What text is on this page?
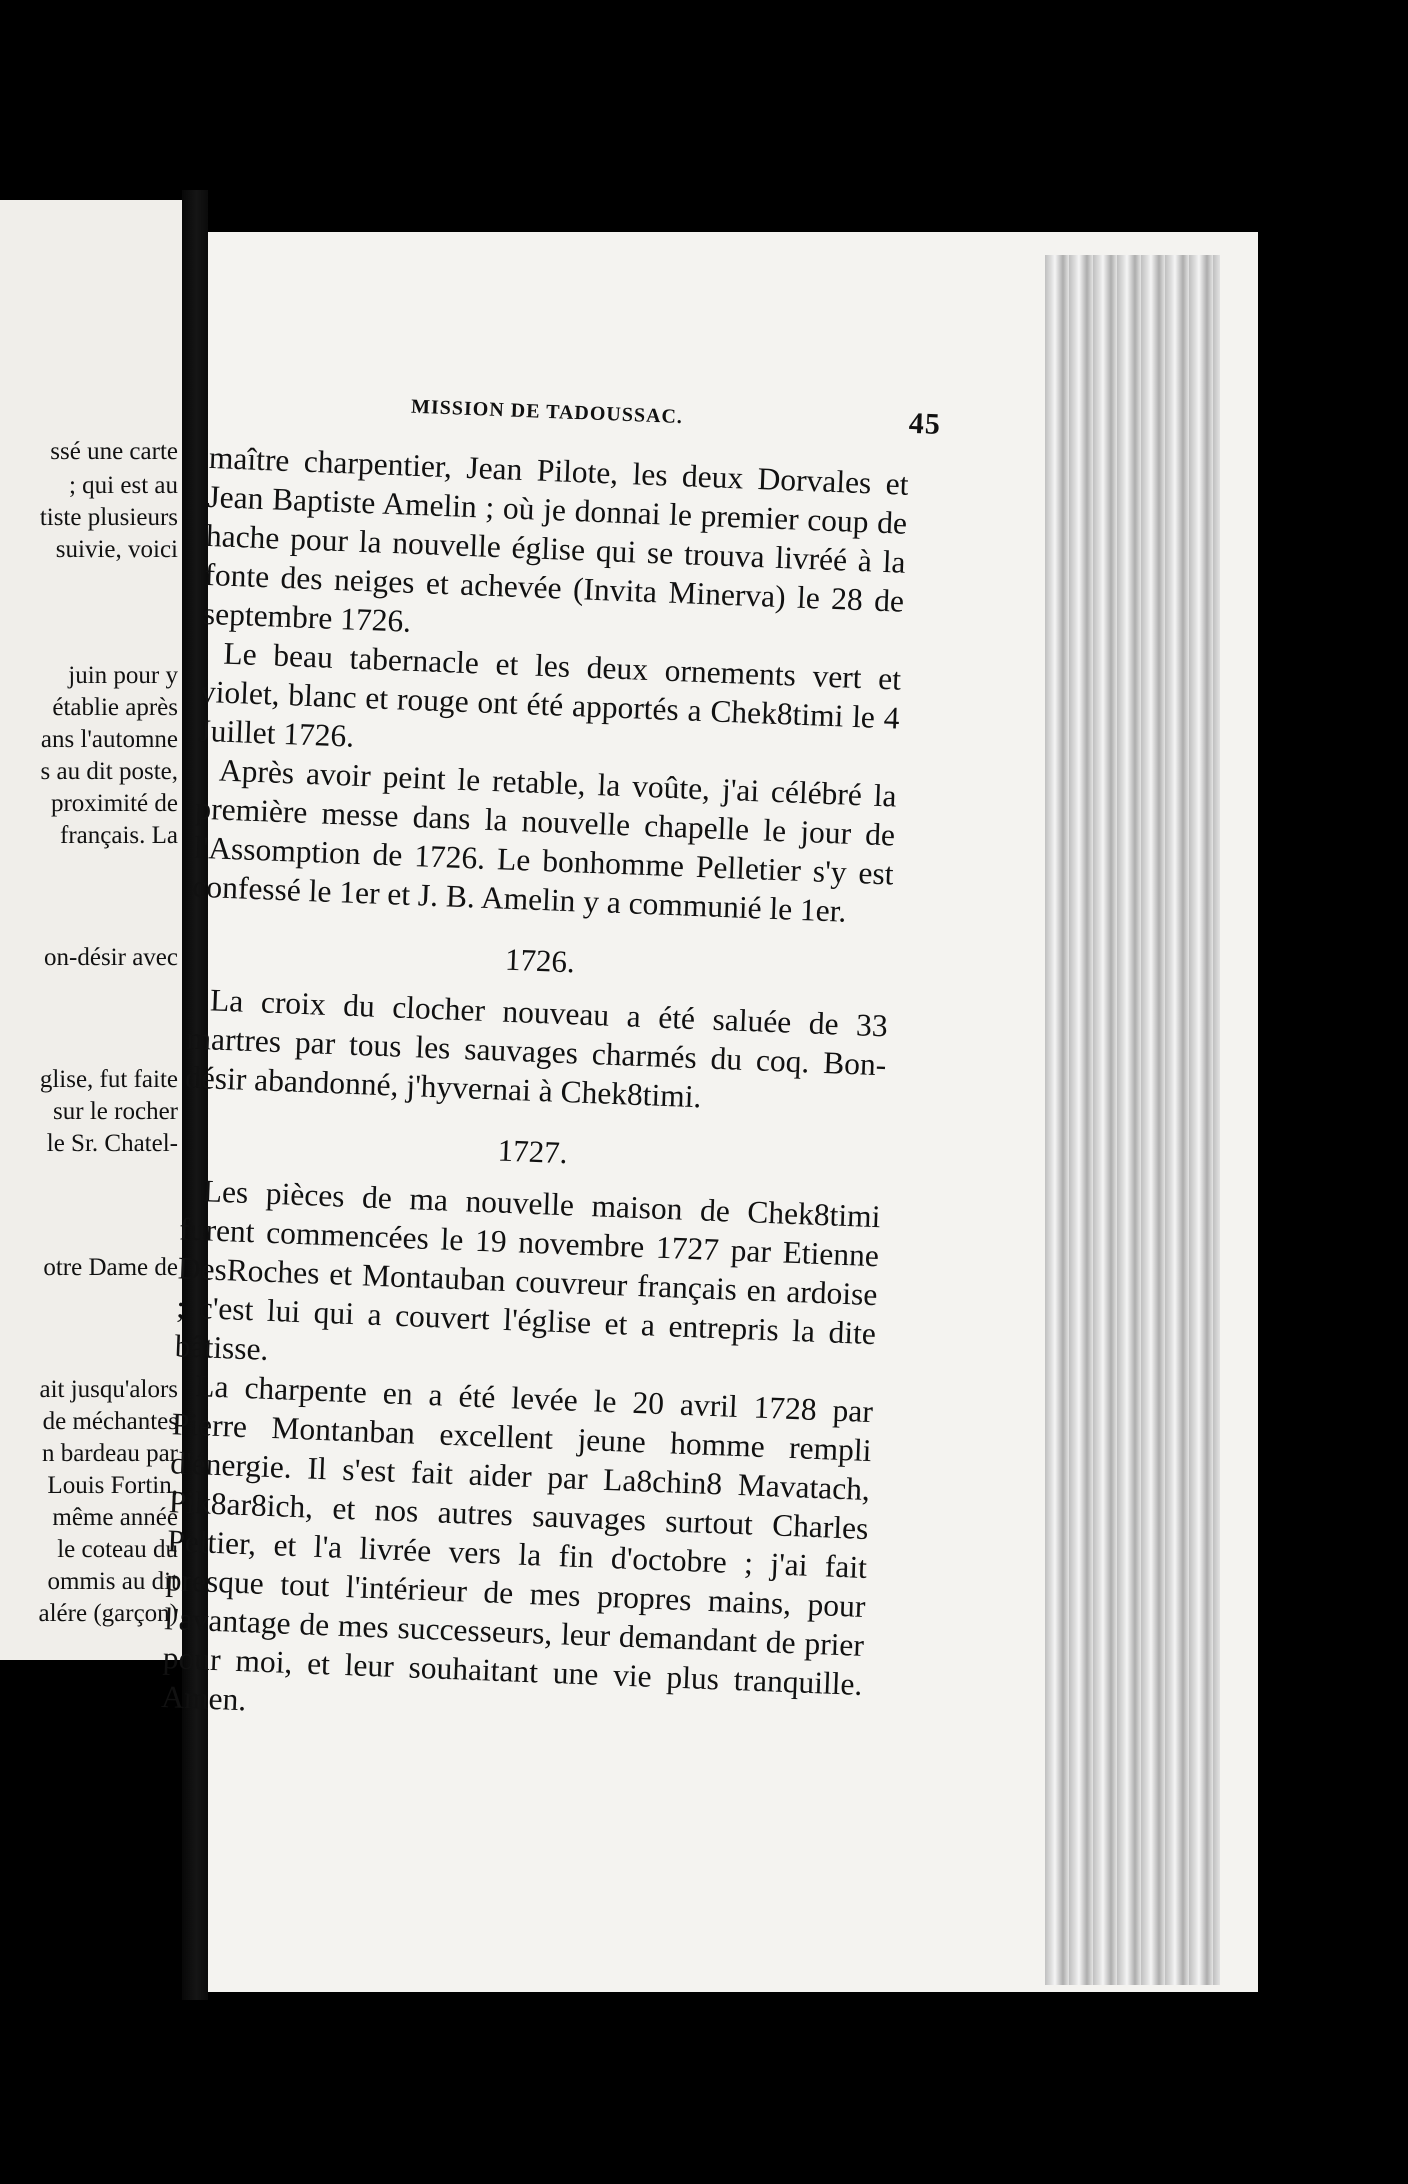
ssé une carte
; qui est au
tiste plusieurs
suivie, voici
juin pour y
établie après
ans l'automne
s au dit poste,
proximité de
français. La
on-désir avec
glise, fut faite
sur le rocher
le Sr. Chatel-
otre Dame de
ait jusqu'alors
de méchantes
n bardeau par
Louis Fortin,
même année
le coteau du
ommis au dit
alére (garçon)
MISSION DE TADOUSSAC.	45

maître charpentier, Jean Pilote, les deux Dorvales et Jean Baptiste Amelin ; où je donnai le premier coup de hache pour la nouvelle église qui se trouva livréé à la fonte des neiges et achevée (Invita Minerva) le 28 de septembre 1726.

Le beau tabernacle et les deux ornements vert et violet, blanc et rouge ont été apportés a Chek8timi le 4 Juillet 1726.

Après avoir peint le retable, la voûte, j'ai célébré la première messe dans la nouvelle chapelle le jour de l'Assomption de 1726. Le bonhomme Pelletier s'y est confessé le 1er et J. B. Amelin y a communié le 1er.

1726.

La croix du clocher nouveau a été saluée de 33 martres par tous les sauvages charmés du coq. Bon-désir abandonné, j'hyvernai à Chek8timi.

1727.

Les pièces de ma nouvelle maison de Chek8timi furent commencées le 19 novembre 1727 par Etienne DesRoches et Montauban couvreur français en ardoise ; c'est lui qui a couvert l'église et a entrepris la dite bâtisse.

La charpente en a été levée le 20 avril 1728 par Pierre Montanban excellent jeune homme rempli d'énergie. Il s'est fait aider par La8chin8 Mavatach, Pik8ar8ich, et nos autres sauvages surtout Charles Peltier, et l'a livrée vers la fin d'octobre ; j'ai fait presque tout l'intérieur de mes propres mains, pour l'avantage de mes successeurs, leur demandant de prier pour moi, et leur souhaitant une vie plus tranquille. Amen.
